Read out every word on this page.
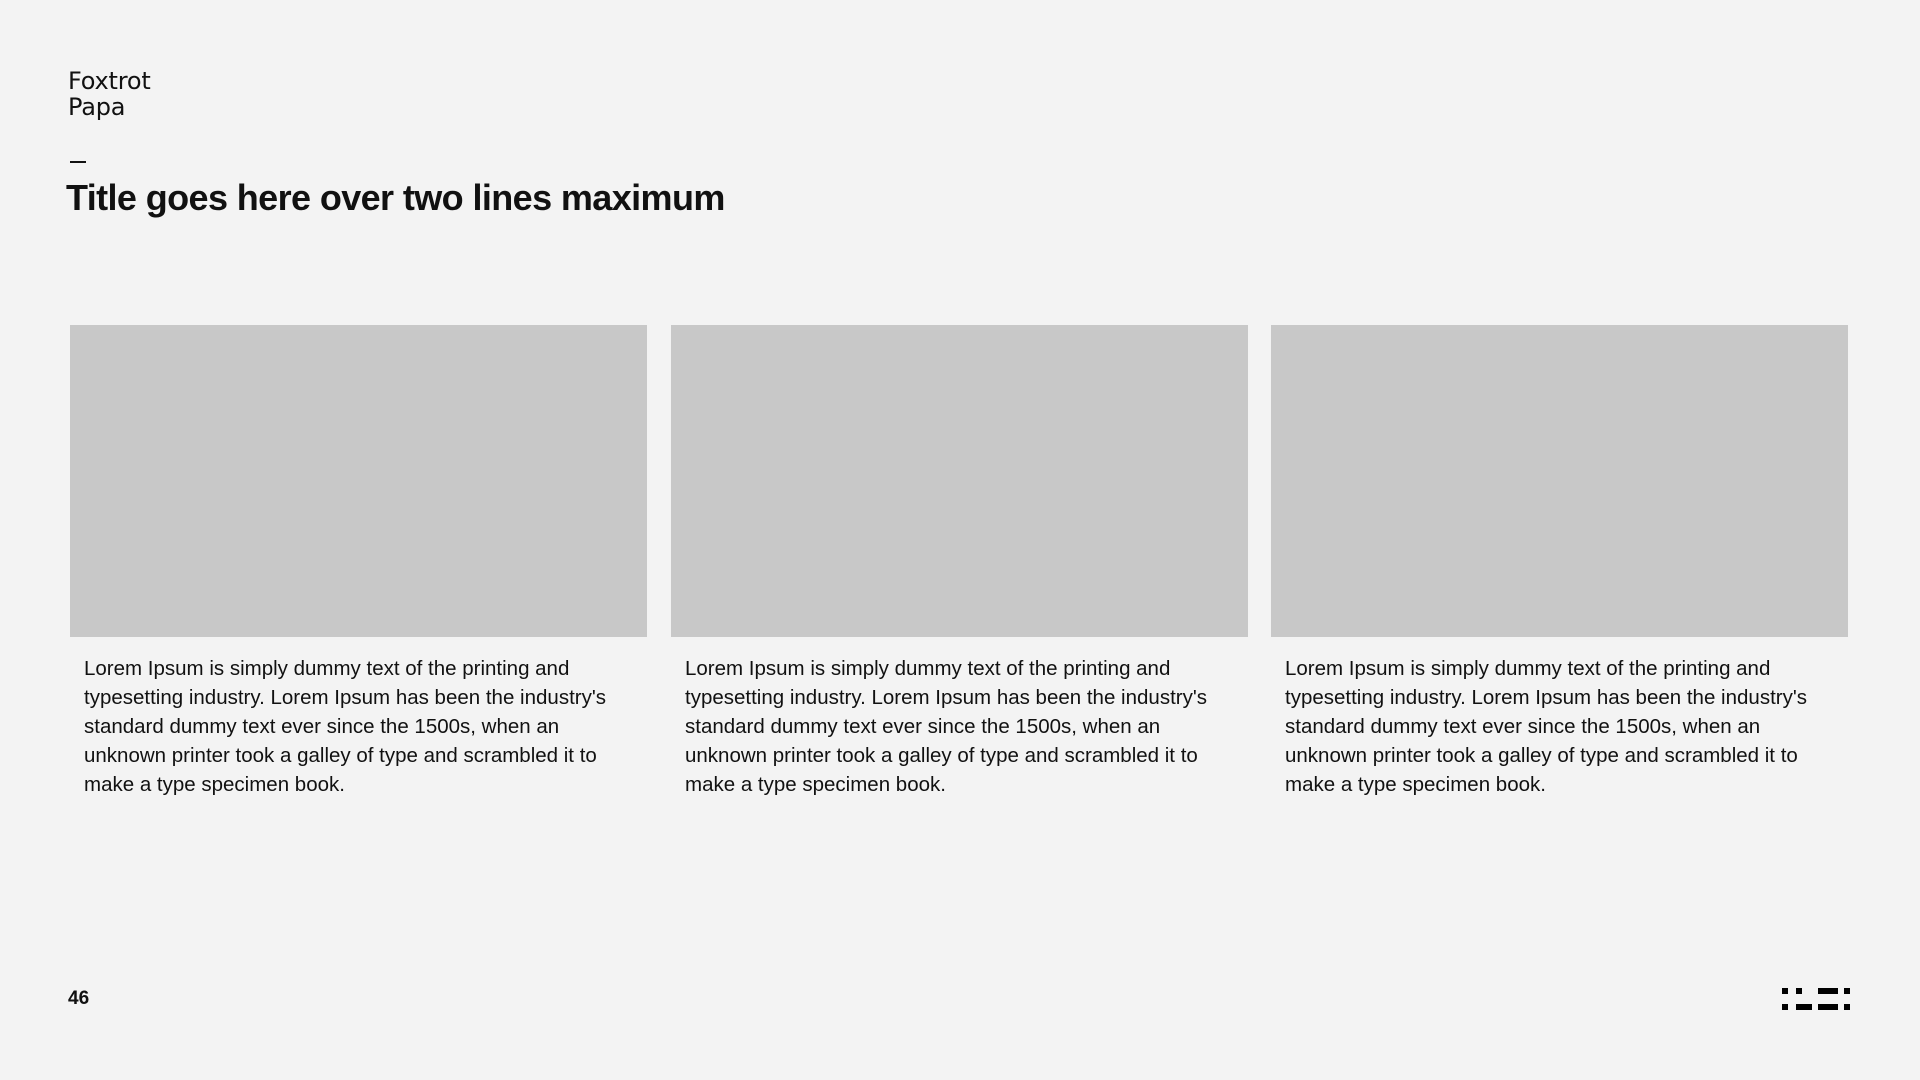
Foxtrot
Papa
Title goes here over two lines maximum
Lorem Ipsum is simply dummy text of the printing and typesetting industry. Lorem Ipsum has been the industry's standard dummy text ever since the 1500s, when an unknown printer took a galley of type and scrambled it to make a type specimen book.
Lorem Ipsum is simply dummy text of the printing and typesetting industry. Lorem Ipsum has been the industry's standard dummy text ever since the 1500s, when an unknown printer took a galley of type and scrambled it to make a type specimen book.
Lorem Ipsum is simply dummy text of the printing and typesetting industry. Lorem Ipsum has been the industry's standard dummy text ever since the 1500s, when an unknown printer took a galley of type and scrambled it to make a type specimen book.
46
